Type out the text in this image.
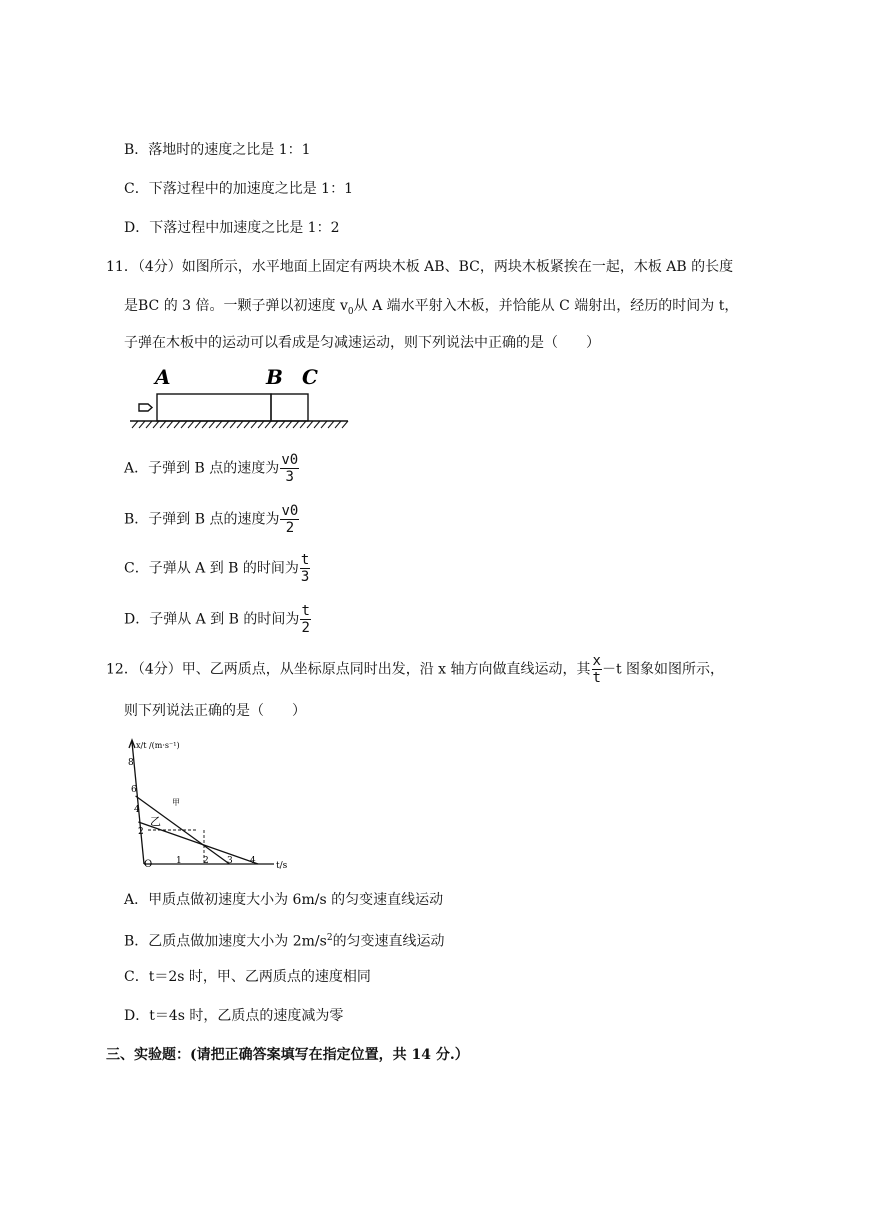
B．落地时的速度之比是 1：1
C．下落过程中的加速度之比是 1：1
D．下落过程中加速度之比是 1：2
11．（4分）如图所示，水平地面上固定有两块木板 AB、BC，两块木板紧挨在一起，木板 AB 的长度
是BC 的 3 倍。一颗子弹以初速度 $v_0$从 A 端水平射入木板，并恰能从 C 端射出，经历的时间为 t，
子弹在木板中的运动可以看成是匀减速运动，则下列说法中正确的是（　　）
A	B C
A．子弹到 B 点的速度为 $\frac{v0}{3}$
B．子弹到 B 点的速度为 $\frac{v0}{2}$
C．子弹从 A 到 B 的时间为 $\frac{t}{3}$
D．子弹从 A 到 B 的时间为 $\frac{t}{2}$
12．（4分）甲、乙两质点，从坐标原点同时出发，沿 x 轴方向做直线运动，其 $\frac{x}{t} -t$ 图象如图所示，
则下列说法正确的是（　　）
x/t /(m·s⁻¹)
t/s
8
6
4
2
O	1 2 3 4
甲
乙
A．甲质点做初速度大小为 6m/s 的匀变速直线运动
B．乙质点做加速度大小为 $2m/s^2$的匀变速直线运动
C．t＝2s 时，甲、乙两质点的速度相同
D．t＝4s 时，乙质点的速度减为零
三、实验题：(请把正确答案填写在指定位置，共 14 分.）
